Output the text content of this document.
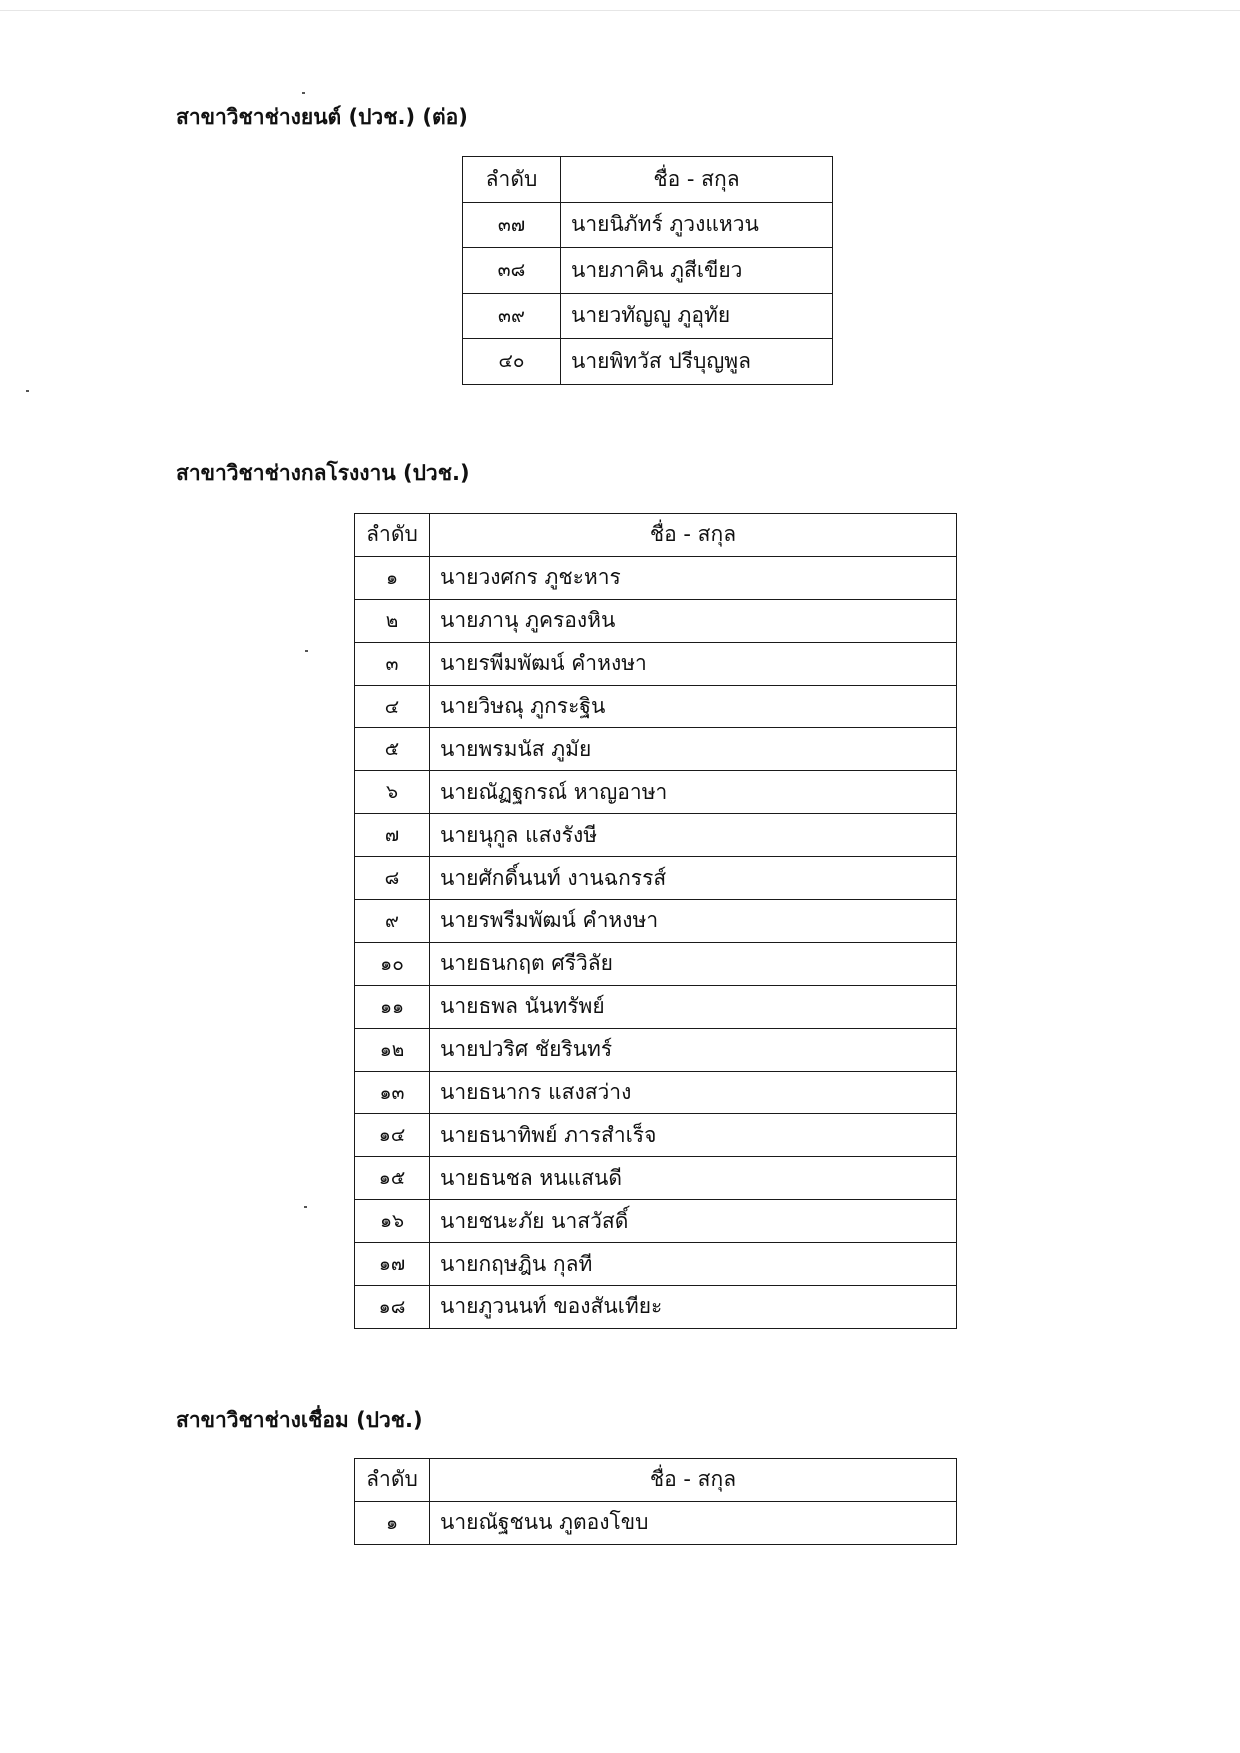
สาขาวิชาช่างยนต์ (ปวช.) (ต่อ)
ลำดับ	ชื่อ - สกุล
๓๗	นายนิภัทร์ ภูวงแหวน
๓๘	นายภาคิน ภูสีเขียว
๓๙	นายวทัญญู ภูอุทัย
๔๐	นายพิทวัส ปรีบุญพูล
สาขาวิชาช่างกลโรงงาน (ปวช.)
ลำดับ	ชื่อ - สกุล
๑	นายวงศกร ภูชะหาร
๒	นายภานุ ภูครองหิน
๓	นายรพีมพัฒน์ คำหงษา
๔	นายวิษณุ ภูกระฐิน
๕	นายพรมนัส ภูมัย
๖	นายณัฏฐกรณ์ หาญอาษา
๗	นายนุกูล แสงรังษี
๘	นายศักดิ์นนท์ งานฉกรรส์
๙	นายรพรีมพัฒน์ คำหงษา
๑๐	นายธนกฤต ศรีวิลัย
๑๑	นายธพล นันทรัพย์
๑๒	นายปวริศ ชัยรินทร์
๑๓	นายธนากร แสงสว่าง
๑๔	นายธนาทิพย์ ภารสำเร็จ
๑๕	นายธนชล หนแสนดี
๑๖	นายชนะภัย นาสวัสดิ์
๑๗	นายกฤษฎิน กุลที
๑๘	นายภูวนนท์ ของสันเทียะ
สาขาวิชาช่างเชื่อม (ปวช.)
ลำดับ	ชื่อ - สกุล
๑	นายณัฐชนน ภูตองโขบ
